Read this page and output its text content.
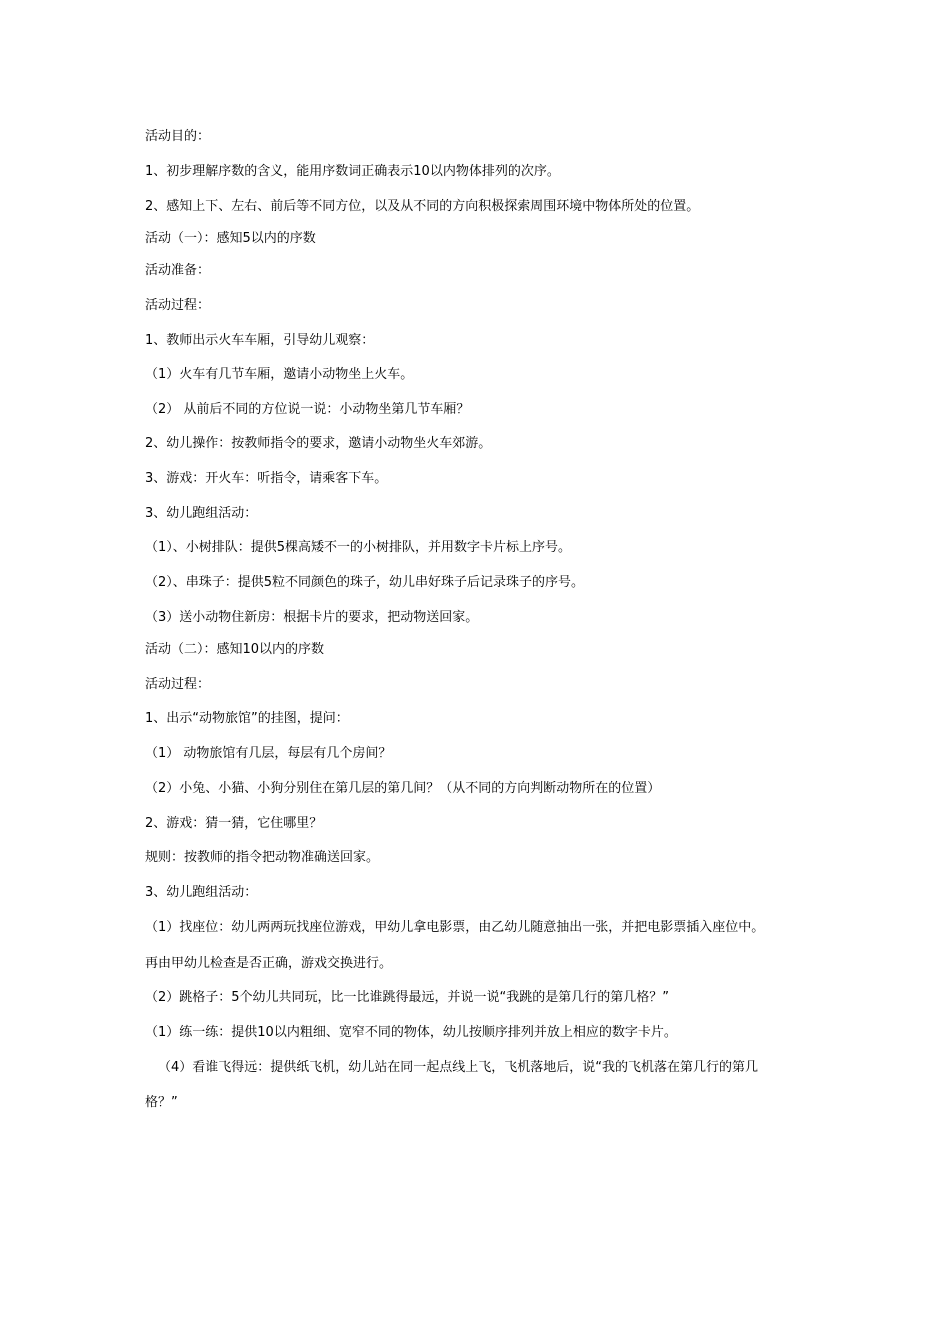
活动目的：
1、初步理解序数的含义，能用序数词正确表示10以内物体排列的次序。
2、感知上下、左右、前后等不同方位，以及从不同的方向积极探索周围环境中物体所处的位置。
活动（一）：感知5以内的序数
活动准备：
活动过程：
1、教师出示火车车厢，引导幼儿观察：
（1）火车有几节车厢，邀请小动物坐上火车。
（2） 从前后不同的方位说一说：小动物坐第几节车厢？
2、幼儿操作：按教师指令的要求，邀请小动物坐火车郊游。
3、游戏：开火车：听指令，请乘客下车。
3、幼儿跑组活动：
（1）、小树排队：提供5棵高矮不一的小树排队，并用数字卡片标上序号。
（2）、串珠子：提供5粒不同颜色的珠子，幼儿串好珠子后记录珠子的序号。
（3）送小动物住新房：根据卡片的要求，把动物送回家。
活动（二）：感知10以内的序数
活动过程：
1、出示“动物旅馆”的挂图，提问：
（1） 动物旅馆有几层，每层有几个房间？
（2）小兔、小猫、小狗分别住在第几层的第几间？（从不同的方向判断动物所在的位置）
2、游戏：猜一猜，它住哪里？
规则：按教师的指令把动物准确送回家。
3、幼儿跑组活动：
（1）找座位：幼儿两两玩找座位游戏，甲幼儿拿电影票，由乙幼儿随意抽出一张，并把电影票插入座位中。
再由甲幼儿检查是否正确，游戏交换进行。
（2）跳格子：5个幼儿共同玩，比一比谁跳得最远，并说一说“我跳的是第几行的第几格？”
（1）练一练：提供10以内粗细、宽窄不同的物体，幼儿按顺序排列并放上相应的数字卡片。
（4）看谁飞得远：提供纸飞机，幼儿站在同一起点线上飞，飞机落地后，说“我的飞机落在第几行的第几
格？”
